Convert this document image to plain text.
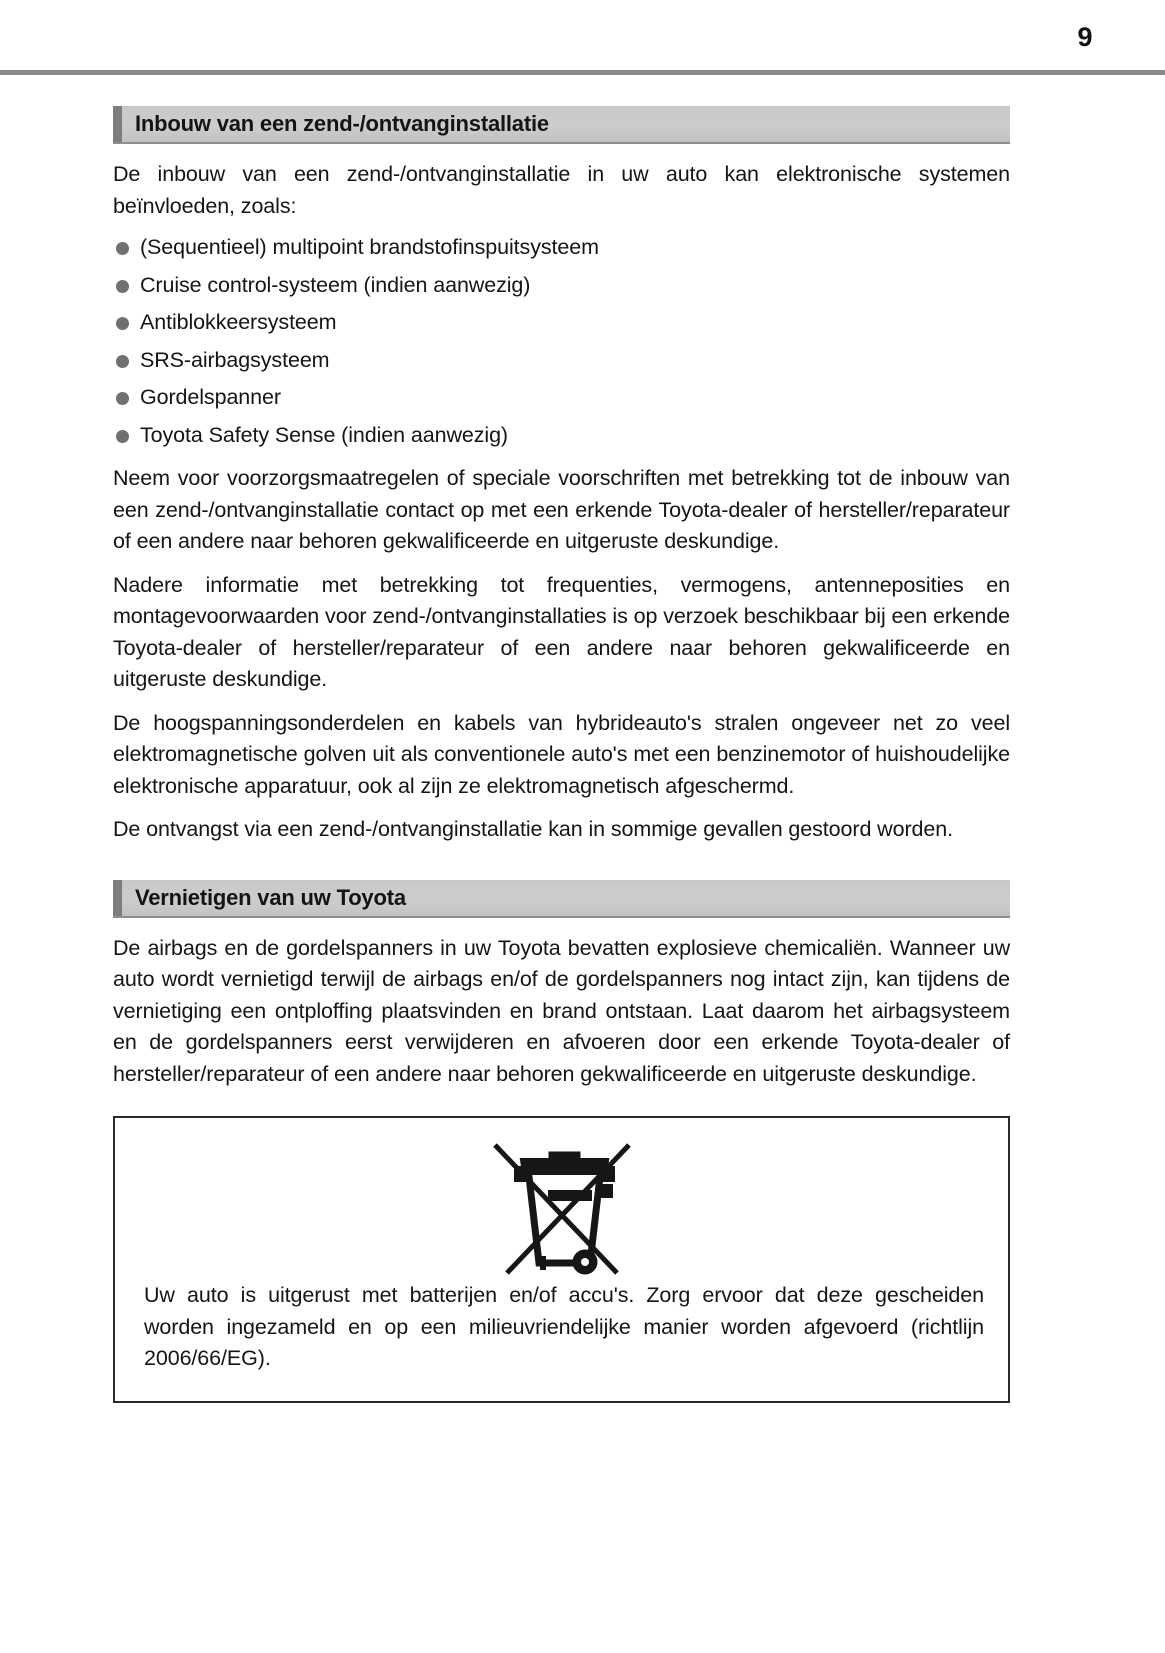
9
Inbouw van een zend-/ontvanginstallatie

De inbouw van een zend-/ontvanginstallatie in uw auto kan elektronische systemen beïnvloeden, zoals:

(Sequentieel) multipoint brandstofinspuitsysteem
Cruise control-systeem (indien aanwezig)
Antiblokkeersysteem
SRS-airbagsysteem
Gordelspanner
Toyota Safety Sense (indien aanwezig)

Neem voor voorzorgsmaatregelen of speciale voorschriften met betrekking tot de inbouw van een zend-/ontvanginstallatie contact op met een erkende Toyota-dealer of hersteller/reparateur of een andere naar behoren gekwalificeerde en uitgeruste deskundige.

Nadere informatie met betrekking tot frequenties, vermogens, antenneposities en montagevoorwaarden voor zend-/ontvanginstallaties is op verzoek beschikbaar bij een erkende Toyota-dealer of hersteller/reparateur of een andere naar behoren gekwalificeerde en uitgeruste deskundige.

De hoogspanningsonderdelen en kabels van hybrideauto's stralen ongeveer net zo veel elektromagnetische golven uit als conventionele auto's met een benzinemotor of huishoudelijke elektronische apparatuur, ook al zijn ze elektromagnetisch afgeschermd.

De ontvangst via een zend-/ontvanginstallatie kan in sommige gevallen gestoord worden.

Vernietigen van uw Toyota

De airbags en de gordelspanners in uw Toyota bevatten explosieve chemicaliën. Wanneer uw auto wordt vernietigd terwijl de airbags en/of de gordelspanners nog intact zijn, kan tijdens de vernietiging een ontploffing plaatsvinden en brand ontstaan. Laat daarom het airbagsysteem en de gordelspanners eerst verwijderen en afvoeren door een erkende Toyota-dealer of hersteller/reparateur of een andere naar behoren gekwalificeerde en uitgeruste deskundige.

Uw auto is uitgerust met batterijen en/of accu's. Zorg ervoor dat deze gescheiden worden ingezameld en op een milieuvriendelijke manier worden afgevoerd (richtlijn 2006/66/EG).
